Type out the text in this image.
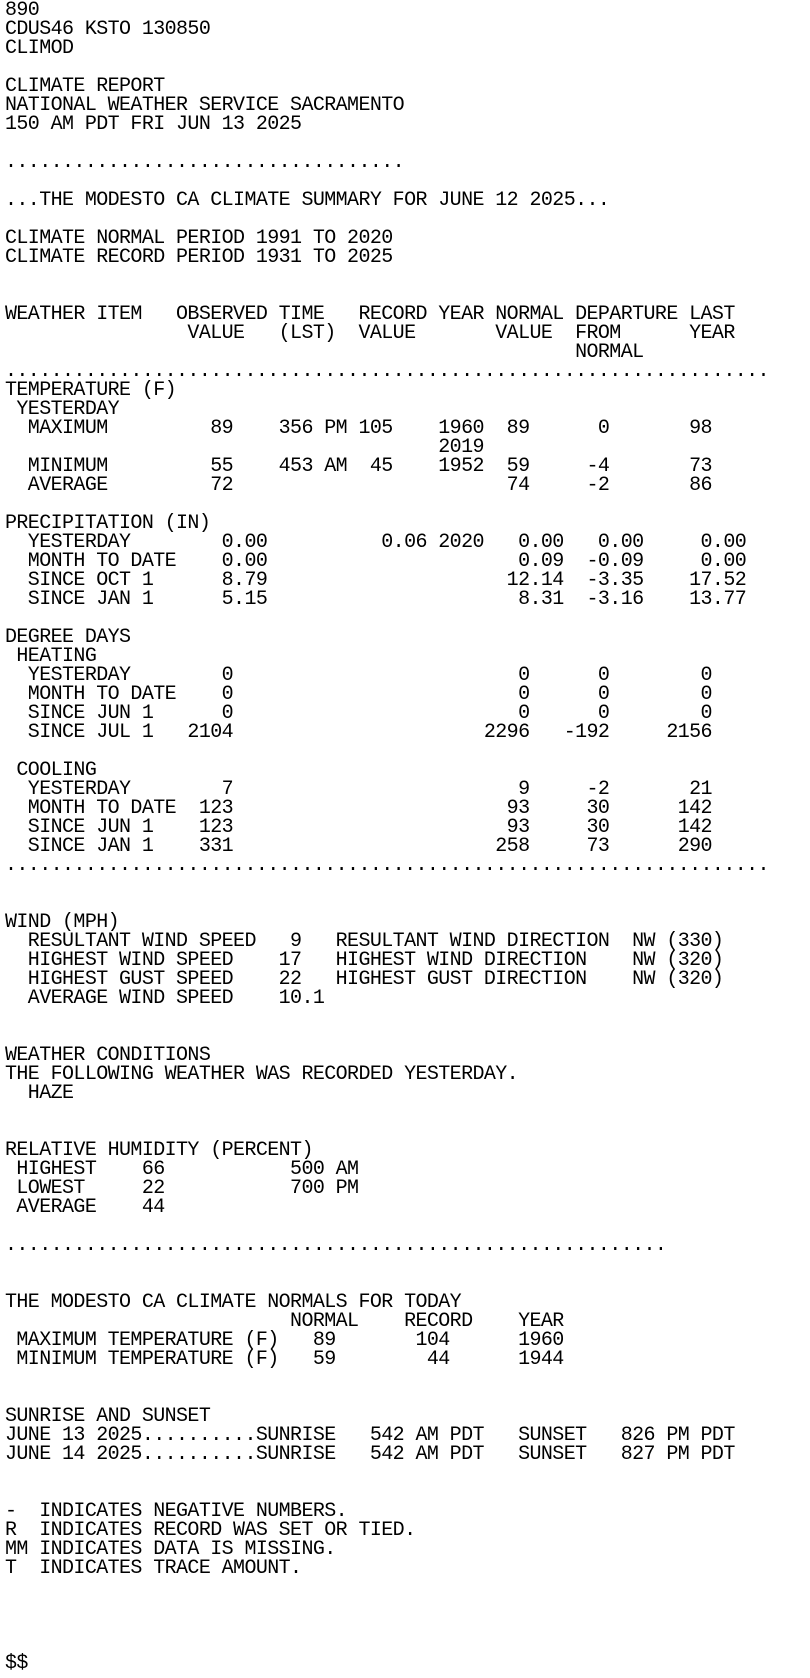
890
CDUS46 KSTO 130850
CLIMOD
CLIMATE REPORT
NATIONAL WEATHER SERVICE SACRAMENTO
150 AM PDT FRI JUN 13 2025
...................................
...THE MODESTO CA CLIMATE SUMMARY FOR JUNE 12 2025...
CLIMATE NORMAL PERIOD 1991 TO 2020
CLIMATE RECORD PERIOD 1931 TO 2025
WEATHER ITEM   OBSERVED TIME   RECORD YEAR NORMAL DEPARTURE LAST
VALUE   (LST)  VALUE       VALUE  FROM      YEAR
NORMAL
...................................................................
TEMPERATURE (F)
YESTERDAY
MAXIMUM         89    356 PM 105    1960  89      0       98
2019
MINIMUM         55    453 AM  45    1952  59     -4       73
AVERAGE         72                        74     -2       86
PRECIPITATION (IN)
YESTERDAY        0.00          0.06 2020   0.00   0.00     0.00
MONTH TO DATE    0.00                      0.09  -0.09     0.00
SINCE OCT 1      8.79                     12.14  -3.35    17.52
SINCE JAN 1      5.15                      8.31  -3.16    13.77
DEGREE DAYS
HEATING
YESTERDAY        0                         0      0        0
MONTH TO DATE    0                         0      0        0
SINCE JUN 1      0                         0      0        0
SINCE JUL 1   2104                      2296   -192     2156
COOLING
YESTERDAY        7                         9     -2       21
MONTH TO DATE  123                        93     30      142
SINCE JUN 1    123                        93     30      142
SINCE JAN 1    331                       258     73      290
...................................................................
WIND (MPH)
RESULTANT WIND SPEED   9   RESULTANT WIND DIRECTION  NW (330)
HIGHEST WIND SPEED    17   HIGHEST WIND DIRECTION    NW (320)
HIGHEST GUST SPEED    22   HIGHEST GUST DIRECTION    NW (320)
AVERAGE WIND SPEED    10.1
WEATHER CONDITIONS
THE FOLLOWING WEATHER WAS RECORDED YESTERDAY.
HAZE
RELATIVE HUMIDITY (PERCENT)
HIGHEST    66           500 AM
LOWEST     22           700 PM
AVERAGE    44
..........................................................
THE MODESTO CA CLIMATE NORMALS FOR TODAY
NORMAL    RECORD    YEAR
MAXIMUM TEMPERATURE (F)   89       104      1960
MINIMUM TEMPERATURE (F)   59        44      1944
SUNRISE AND SUNSET
JUNE 13 2025..........SUNRISE   542 AM PDT   SUNSET   826 PM PDT
JUNE 14 2025..........SUNRISE   542 AM PDT   SUNSET   827 PM PDT
-  INDICATES NEGATIVE NUMBERS.
R  INDICATES RECORD WAS SET OR TIED.
MM INDICATES DATA IS MISSING.
T  INDICATES TRACE AMOUNT.
$$
